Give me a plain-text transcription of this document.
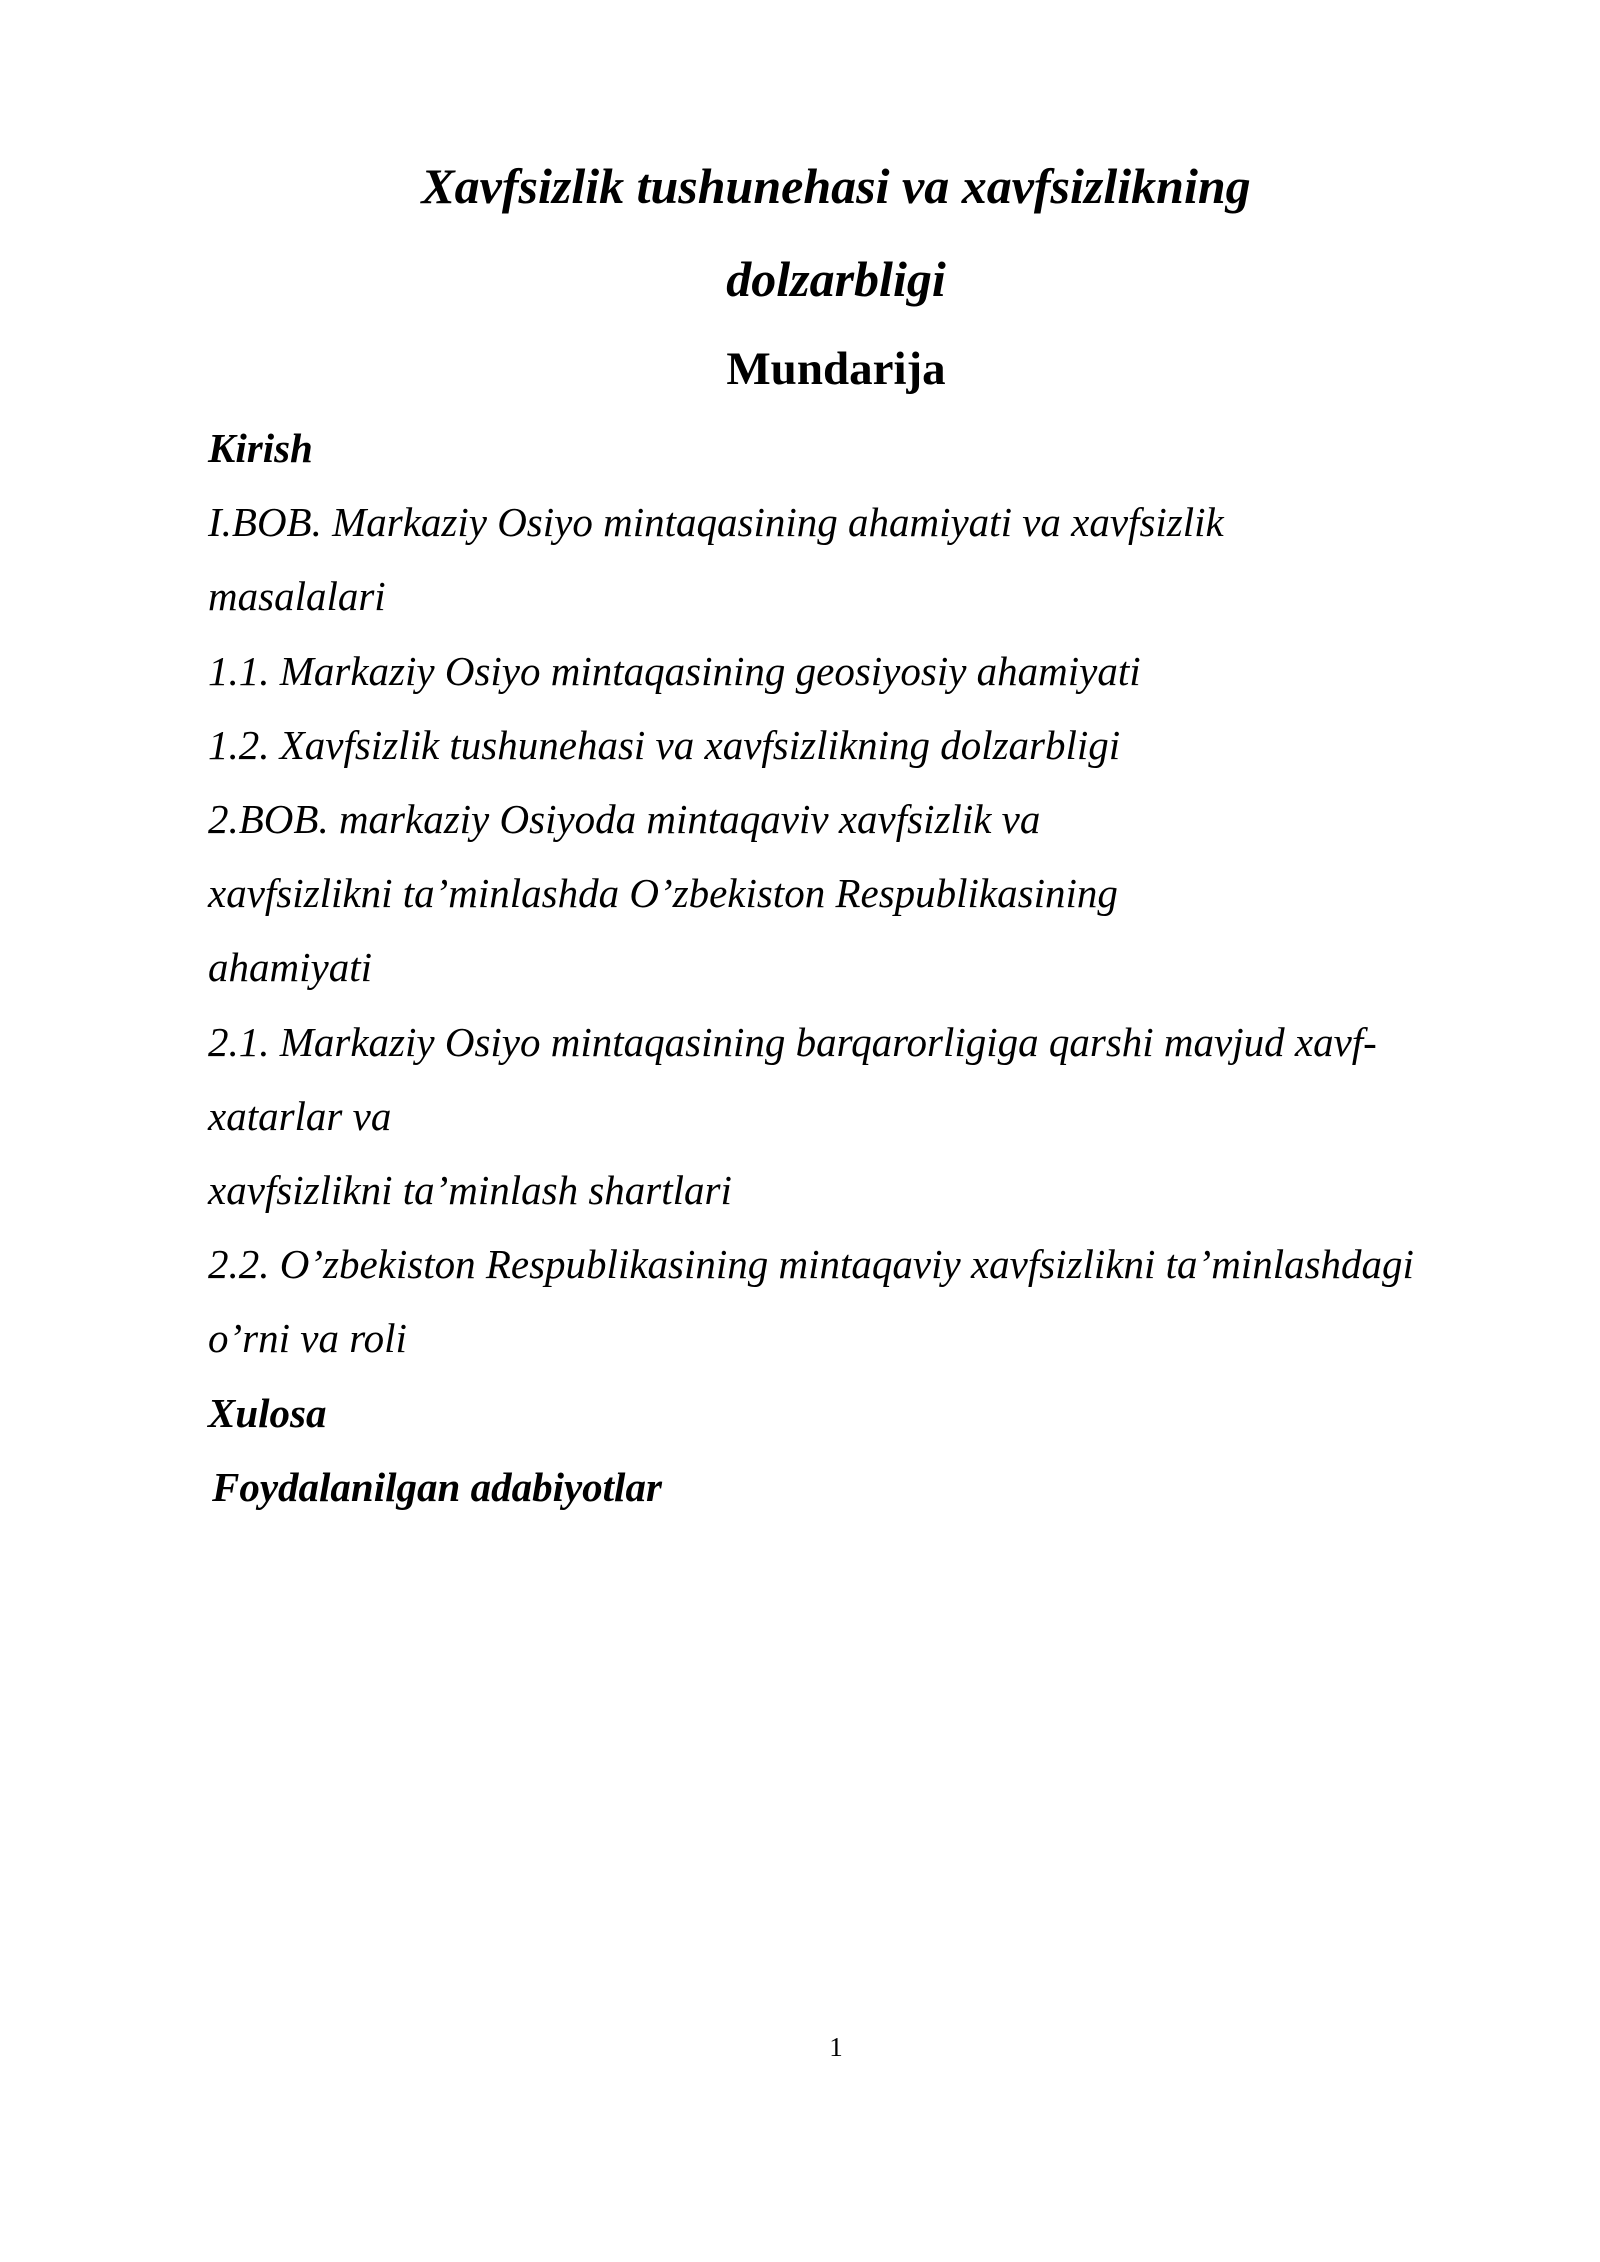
Xavfsizlik tushunehasi va xavfsizlikning
dolzarbligi
Mundarija

Kirish

I.BOB. Markaziy Osiyo mintaqasining ahamiyati va xavfsizlik

masalalari

1.1. Markaziy Osiyo mintaqasining geosiyosiy ahamiyati

1.2. Xavfsizlik tushunehasi va xavfsizlikning dolzarbligi

2.BOB. markaziy Osiyoda mintaqaviv xavfsizlik va

xavfsizlikni ta’minlashda O’zbekiston Respublikasining

ahamiyati

2.1. Markaziy Osiyo mintaqasining barqarorligiga qarshi mavjud xavf-

xatarlar va

xavfsizlikni ta’minlash shartlari

2.2. O’zbekiston Respublikasining mintaqaviy xavfsizlikni ta’minlashdagi

o’rni va roli

Xulosa

Foydalanilgan adabiyotlar

1
